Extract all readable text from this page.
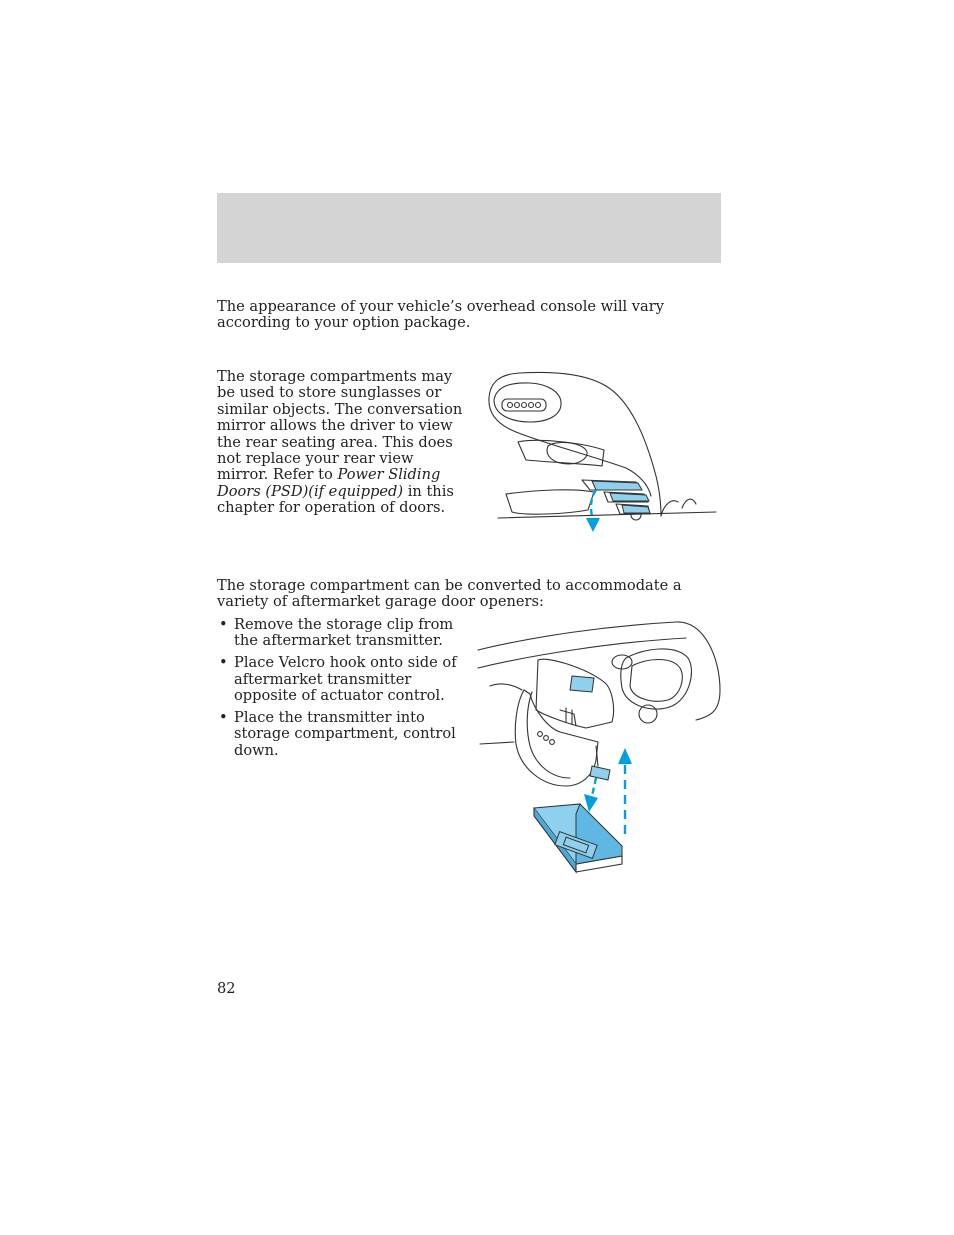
The appearance of your vehicle’s overhead console will vary according to your option package.

The storage compartments may be used to store sunglasses or similar objects. The conversation mirror allows the driver to view the rear seating area. This does not replace your rear view mirror. Refer to Power Sliding Doors (PSD)(if equipped) in this chapter for operation of doors.

The storage compartment can be converted to accommodate a variety of aftermarket garage door openers:

• Remove the storage clip from the aftermarket transmitter.
• Place Velcro hook onto side of aftermarket transmitter opposite of actuator control.
• Place the transmitter into storage compartment, control down.
82
